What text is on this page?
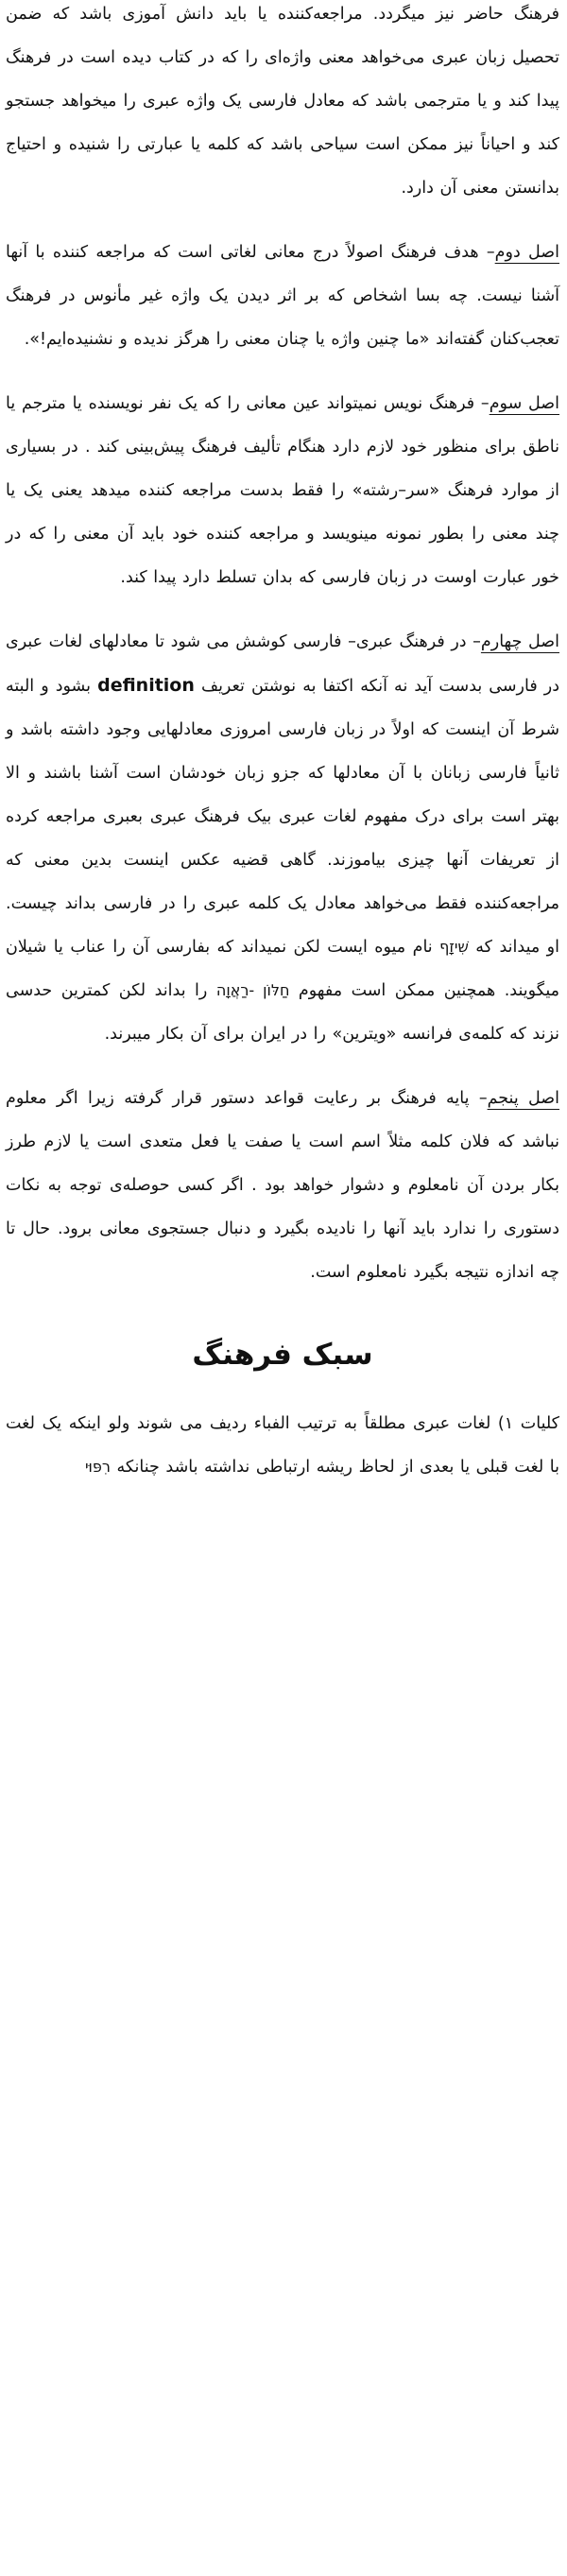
فرهنگ حاضر نیز میگردد. مراجعه‌کننده یا باید دانش آموزی باشد که ضمن تحصیل زبان عبری می‌خواهد معنی واژه‌ای را که در کتاب دیده است در فرهنگ پیدا کند و یا مترجمی باشد که معادل فارسی یک واژه عبری را میخواهد جستجو کند و احیاناً نیز ممکن است سیاحی باشد که کلمه یا عبارتی را شنیده و احتیاج بدانستن معنی آن دارد.

اصل دوم– هدف فرهنگ اصولاً درج معانی لغاتی است که مراجعه کننده با آنها آشنا نیست. چه بسا اشخاص که بر اثر دیدن یک واژه غیر مأنوس در فرهنگ تعجب‌کنان گفته‌اند «ما چنین واژه یا چنان معنی را هرگز ندیده و نشنیده‌ایم!».

اصل سوم– فرهنگ نویس نمیتواند عین معانی را که یک نفر نویسنده یا مترجم یا ناطق برای منظور خود لازم دارد هنگام تألیف فرهنگ پیش‌بینی کند . در بسیاری از موارد فرهنگ «سر–رشته» را فقط بدست مراجعه کننده میدهد یعنی یک یا چند معنی را بطور نمونه مینویسد و مراجعه کننده خود باید آن معنی را که در خور عبارت اوست در زبان فارسی که بدان تسلط دارد پیدا کند.

اصل چهارم– در فرهنگ عبری– فارسی کوشش می شود تا معادلهای لغات عبری در فارسی بدست آید نه آنکه اکتفا به نوشتن تعریف definition بشود و البته شرط آن اینست که اولاً در زبان فارسی امروزی معادلهایی وجود داشته باشد و ثانیاً فارسی زبانان با آن معادلها که جزو زبان خودشان است آشنا باشند و الا بهتر است برای درک مفهوم لغات عبری بیک فرهنگ عبری بعبری مراجعه کرده از تعریفات آنها چیزی بیاموزند. گاهی قضیه عکس اینست بدین معنی که مراجعه‌کننده فقط می‌خواهد معادل یک کلمه عبری را در فارسی بداند چیست. او میداند که שִׁיזָף نام میوه ایست لکن نمیداند که بفارسی آن را عناب یا شیلان میگویند. همچنین ممکن است مفهوم חַלּוֹן -רַאֲוָה را بداند لکن کمترین حدسی نزند که کلمه‌ی فرانسه «ویترین» را در ایران برای آن بکار میبرند.

اصل پنجم– پایه فرهنگ بر رعایت قواعد دستور قرار گرفته زیرا اگر معلوم نباشد که فلان کلمه مثلاً اسم است یا صفت یا فعل متعدی است یا لازم طرز بکار بردن آن نامعلوم و دشوار خواهد بود . اگر کسی حوصله‌ی توجه به نکات دستوری را ندارد باید آنها را نادیده بگیرد و دنبال جستجوی معانی برود. حال تا چه اندازه نتیجه بگیرد نامعلوم است.

سبک فرهنگ

کلیات ۱) لغات عبری مطلقاً به ترتیب الفباء ردیف می شوند ولو اینکه یک لغت با لغت قبلی یا بعدی از لحاظ ریشه ارتباطی نداشته باشد چنانکه רִפּוּי
